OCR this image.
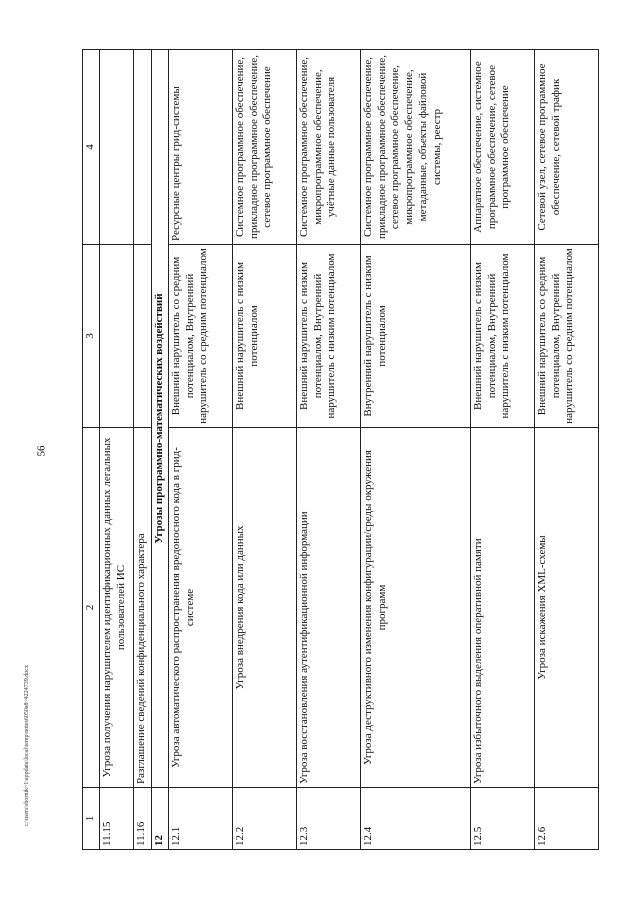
56
1	2	3	4
11.15	Угроза получения нарушителем идентификационных данных легальных пользователей ИС		
11.16	Разглашение сведений конфиденциального характера		
12	Угрозы программно-математических воздействий		
12.1	Угроза автоматического распространения вредоносного кода в грид-системе	Внешний нарушитель со средним потенциалом, Внутренний нарушитель со средним потенциалом	Ресурсные центры грид-системы
12.2	Угроза внедрения кода или данных	Внешний нарушитель с низким потенциалом	Системное программное обеспечение, прикладное программное обеспечение, сетевое программное обеспечение
12.3	Угроза восстановления аутентификационной информации	Внешний нарушитель с низким потенциалом, Внутренний нарушитель с низким потенциалом	Системное программное обеспечение, микропрограммное обеспечение, учётные данные пользователя
12.4	Угроза деструктивного изменения конфигурации/среды окружения программ	Внутренний нарушитель с низким потенциалом	Системное программное обеспечение, прикладное программное обеспечение, сетевое программное обеспечение, микропрограммное обеспечение, метаданные, объекты файловой системы, реестр
12.5	Угроза избыточного выделения оперативной памяти	Внешний нарушитель с низким потенциалом, Внутренний нарушитель с низким потенциалом	Аппаратное обеспечение, системное программное обеспечение, сетевое программное обеспечение
12.6	Угроза искажения XML-схемы	Внешний нарушитель со средним потенциалом, Внутренний нарушитель со средним потенциалом	Сетевой узел, сетевое программное обеспечение, сетевой трафик
c:\users\sbornik~1\appdata\local\temp\notes6050a8~4224739.docx
